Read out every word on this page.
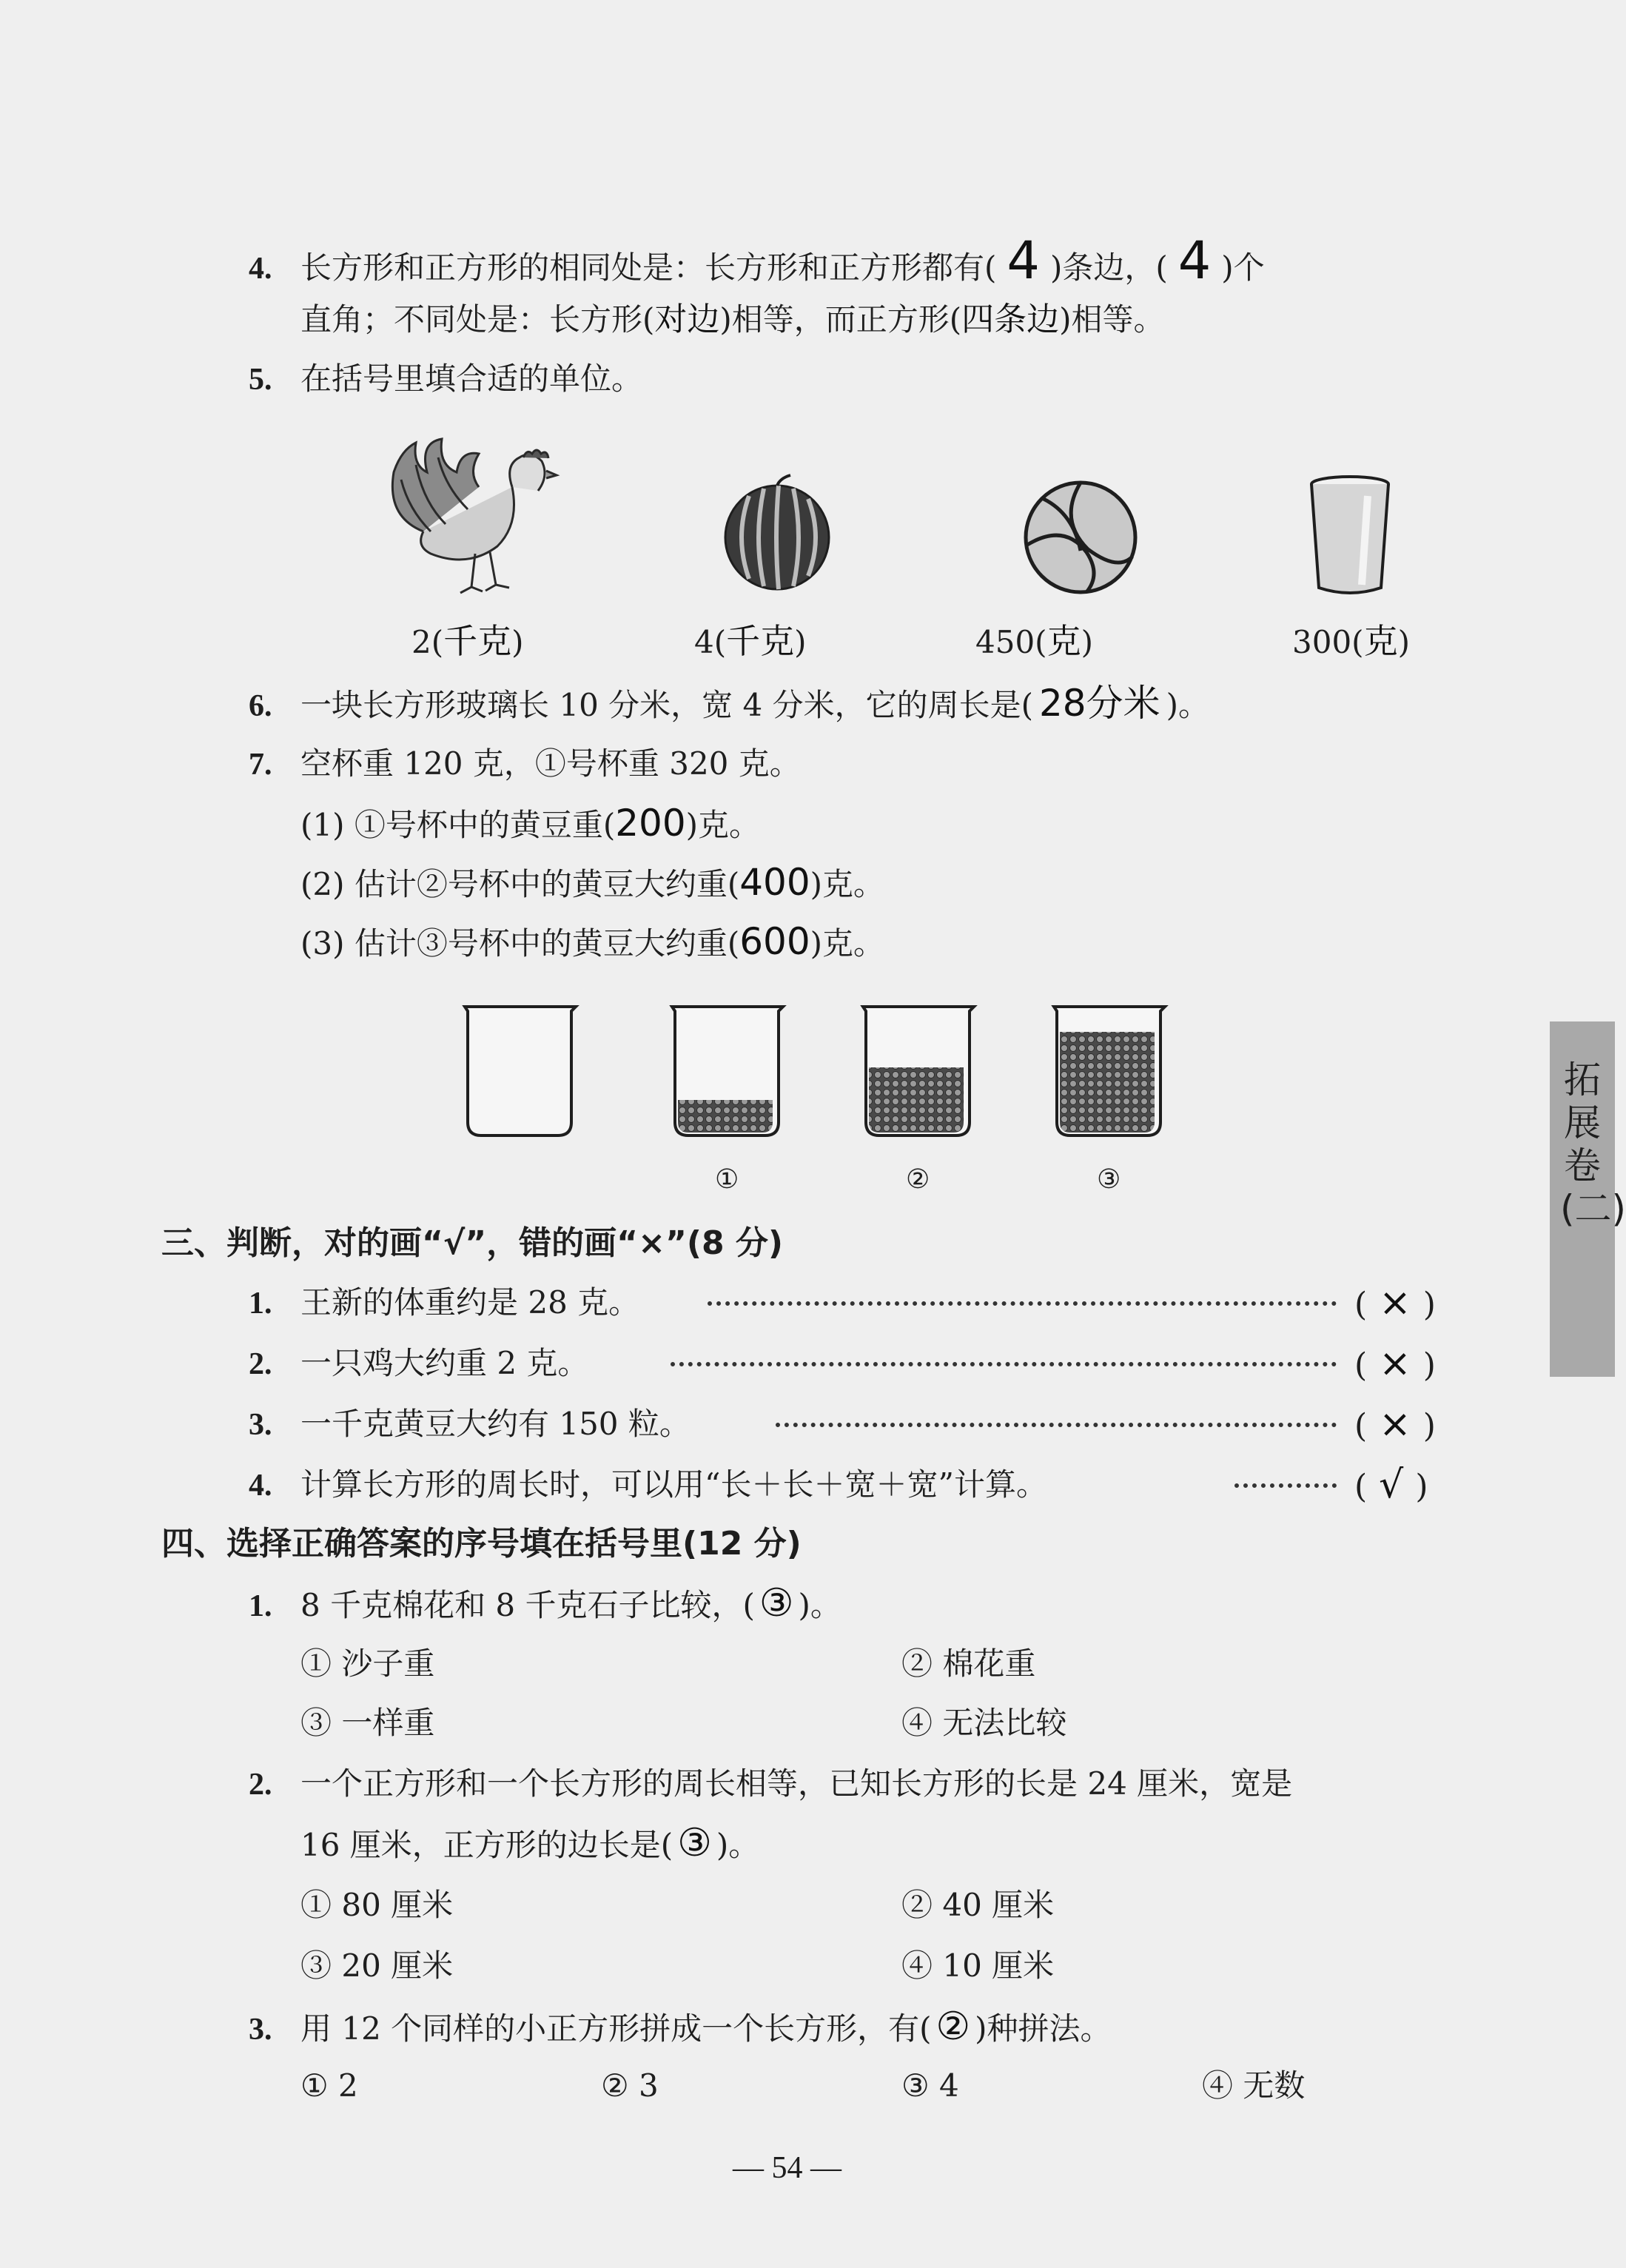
4. 长方形和正方形的相同处是：长方形和正方形都有( 4 )条边，( 4 )个
直角；不同处是：长方形(对边)相等，而正方形(四条边)相等。
5. 在括号里填合适的单位。
2(千克)	4(千克)	450(克)	300(克)
6. 一块长方形玻璃长 10 分米，宽 4 分米，它的周长是( 28分米 )。
7. 空杯重 120 克，①号杯重 320 克。
(1) ①号杯中的黄豆重(200)克。
(2) 估计②号杯中的黄豆大约重(400)克。
(3) 估计③号杯中的黄豆大约重(600)克。
①	②	③
三、判断，对的画“√”，错的画“×”(8 分)
1. 王新的体重约是 28 克。	( × )
2. 一只鸡大约重 2 克。	( × )
3. 一千克黄豆大约有 150 粒。	( × )
4. 计算长方形的周长时，可以用“长＋长＋宽＋宽”计算。	( √ )
四、选择正确答案的序号填在括号里(12 分)
1. 8 千克棉花和 8 千克石子比较，( ③ )。
① 沙子重	② 棉花重
③ 一样重	④ 无法比较
2. 一个正方形和一个长方形的周长相等，已知长方形的长是 24 厘米，宽是
16 厘米，正方形的边长是( ③ )。
① 80 厘米	② 40 厘米
③ 20 厘米	④ 10 厘米
3. 用 12 个同样的小正方形拼成一个长方形，有( ② )种拼法。
① 2	② 3	③ 4	④ 无数
— 54 —
拓展卷(二)
